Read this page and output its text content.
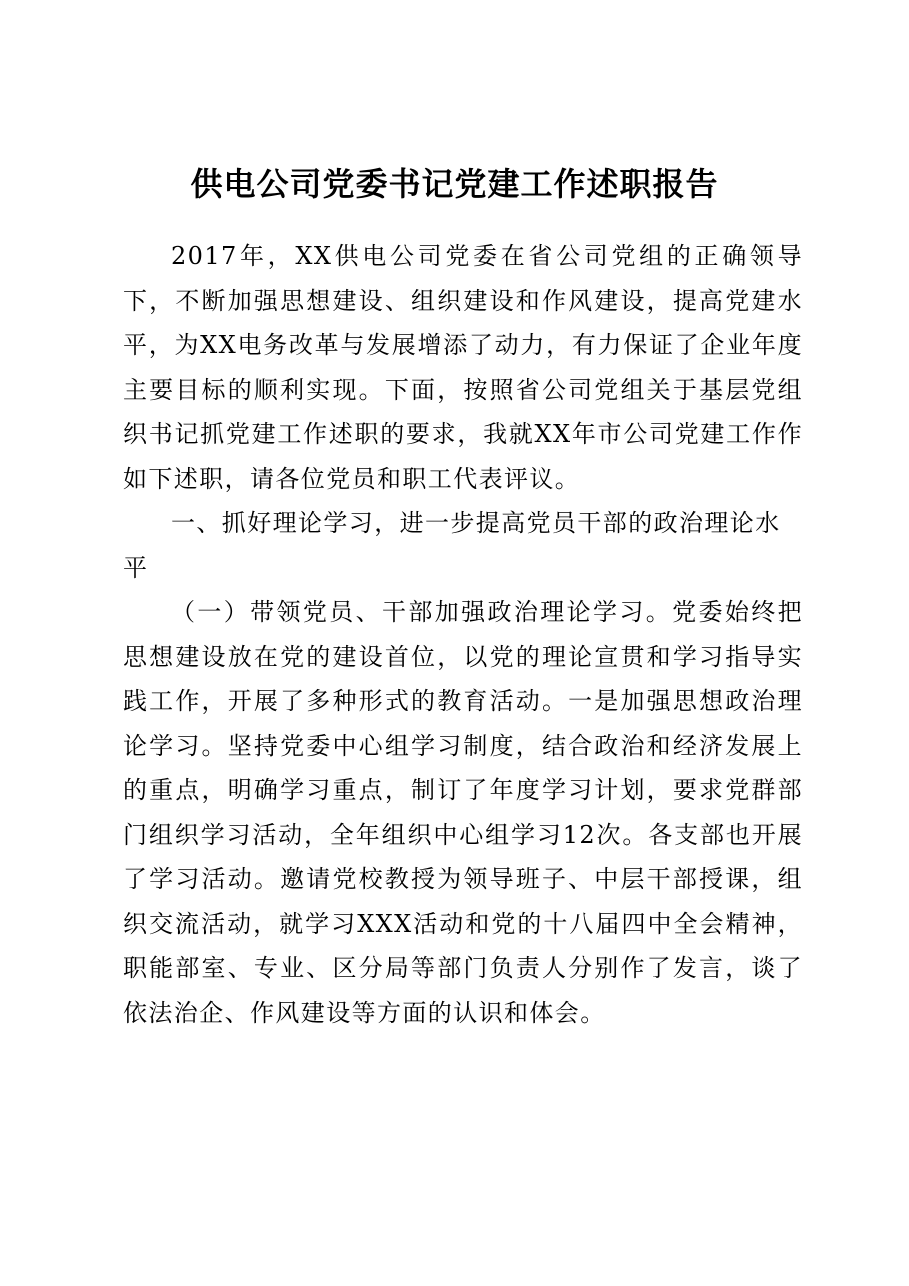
供电公司党委书记党建工作述职报告

2017年，XX供电公司党委在省公司党组的正确领导下，不断加强思想建设、组织建设和作风建设，提高党建水平，为XX电务改革与发展增添了动力，有力保证了企业年度主要目标的顺利实现。下面，按照省公司党组关于基层党组织书记抓党建工作述职的要求，我就XX年市公司党建工作作如下述职，请各位党员和职工代表评议。

一、抓好理论学习，进一步提高党员干部的政治理论水平

（一）带领党员、干部加强政治理论学习。党委始终把思想建设放在党的建设首位，以党的理论宣贯和学习指导实践工作，开展了多种形式的教育活动。一是加强思想政治理论学习。坚持党委中心组学习制度，结合政治和经济发展上的重点，明确学习重点，制订了年度学习计划，要求党群部门组织学习活动，全年组织中心组学习12次。各支部也开展了学习活动。邀请党校教授为领导班子、中层干部授课，组织交流活动，就学习XXX活动和党的十八届四中全会精神，职能部室、专业、区分局等部门负责人分别作了发言，谈了依法治企、作风建设等方面的认识和体会。
